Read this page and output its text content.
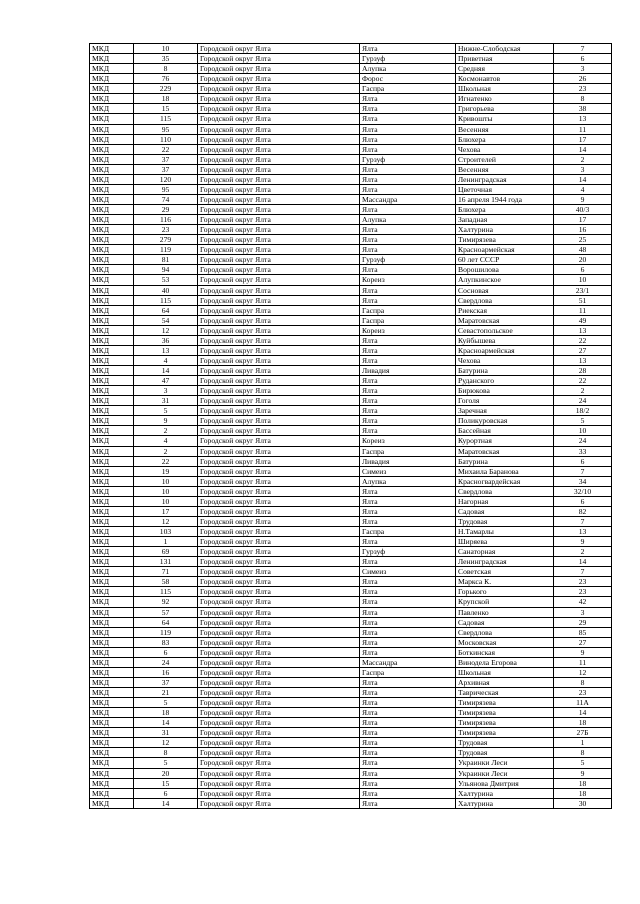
МКД	10	Городской округ Ялта	Ялта	Нижне-Слободская	7
МКД	35	Городской округ Ялта	Гурзуф	Приветная	6
МКД	8	Городской округ Ялта	Алупка	Средняя	3
МКД	76	Городской округ Ялта	Форос	Космонавтов	26
МКД	229	Городской округ Ялта	Гаспра	Школьная	23
МКД	18	Городской округ Ялта	Ялта	Игнатенко	8
МКД	15	Городской округ Ялта	Ялта	Григорьева	38
МКД	115	Городской округ Ялта	Ялта	Кривошты	13
МКД	95	Городской округ Ялта	Ялта	Весенняя	11
МКД	110	Городской округ Ялта	Ялта	Блюхера	17
МКД	22	Городской округ Ялта	Ялта	Чехова	14
МКД	37	Городской округ Ялта	Гурзуф	Строителей	2
МКД	37	Городской округ Ялта	Ялта	Весенняя	3
МКД	120	Городской округ Ялта	Ялта	Ленинградская	14
МКД	95	Городской округ Ялта	Ялта	Цветочная	4
МКД	74	Городской округ Ялта	Массандра	16 апреля 1944 года	9
МКД	29	Городской округ Ялта	Ялта	Блюхера	40/3
МКД	116	Городской округ Ялта	Алупка	Западная	17
МКД	23	Городской округ Ялта	Ялта	Халтурина	16
МКД	279	Городской округ Ялта	Ялта	Тимирязева	25
МКД	119	Городской округ Ялта	Ялта	Красноармейская	48
МКД	81	Городской округ Ялта	Гурзуф	60 лет СССР	20
МКД	94	Городской округ Ялта	Ялта	Ворошилова	6
МКД	53	Городской округ Ялта	Кореиз	Алупкинское	10
МКД	40	Городской округ Ялта	Ялта	Сосновая	23/1
МКД	115	Городской округ Ялта	Ялта	Свердлова	51
МКД	64	Городской округ Ялта	Гаспра	Риекская	11
МКД	54	Городской округ Ялта	Гаспра	Маратовская	49
МКД	12	Городской округ Ялта	Кореиз	Севастопольское	13
МКД	36	Городской округ Ялта	Ялта	Куйбышева	22
МКД	13	Городской округ Ялта	Ялта	Красноармейская	27
МКД	4	Городской округ Ялта	Ялта	Чехова	13
МКД	14	Городской округ Ялта	Ливадия	Батурина	28
МКД	47	Городской округ Ялта	Ялта	Руданского	22
МКД	3	Городской округ Ялта	Ялта	Бирюкова	2
МКД	31	Городской округ Ялта	Ялта	Гоголя	24
МКД	5	Городской округ Ялта	Ялта	Заречная	18/2
МКД	9	Городской округ Ялта	Ялта	Поликуровская	5
МКД	2	Городской округ Ялта	Ялта	Бассейная	10
МКД	4	Городской округ Ялта	Кореиз	Курортная	24
МКД	2	Городской округ Ялта	Гаспра	Маратовская	33
МКД	22	Городской округ Ялта	Ливадия	Батурина	6
МКД	19	Городской округ Ялта	Симеиз	Михаила Баранова	7
МКД	10	Городской округ Ялта	Алупка	Красногвардейская	34
МКД	10	Городской округ Ялта	Ялта	Свердлова	32/10
МКД	10	Городской округ Ялта	Ялта	Нагорная	6
МКД	17	Городской округ Ялта	Ялта	Садовая	82
МКД	12	Городской округ Ялта	Ялта	Трудовая	7
МКД	103	Городской округ Ялта	Гаспра	Н.Тамарлы	13
МКД	1	Городской округ Ялта	Ялта	Ширяева	9
МКД	69	Городской округ Ялта	Гурзуф	Санаторная	2
МКД	131	Городской округ Ялта	Ялта	Ленинградская	14
МКД	71	Городской округ Ялта	Симеиз	Советская	7
МКД	58	Городской округ Ялта	Ялта	Маркса К.	23
МКД	115	Городской округ Ялта	Ялта	Горького	23
МКД	92	Городской округ Ялта	Ялта	Крупской	42
МКД	57	Городской округ Ялта	Ялта	Павленко	3
МКД	64	Городской округ Ялта	Ялта	Садовая	29
МКД	119	Городской округ Ялта	Ялта	Свердлова	85
МКД	83	Городской округ Ялта	Ялта	Московская	27
МКД	6	Городской округ Ялта	Ялта	Боткинская	9
МКД	24	Городской округ Ялта	Массандра	Винодела Егорова	11
МКД	16	Городской округ Ялта	Гаспра	Школьная	12
МКД	37	Городской округ Ялта	Ялта	Архивная	8
МКД	21	Городской округ Ялта	Ялта	Таврическая	23
МКД	5	Городской округ Ялта	Ялта	Тимирязева	11А
МКД	18	Городской округ Ялта	Ялта	Тимирязева	14
МКД	14	Городской округ Ялта	Ялта	Тимирязева	18
МКД	31	Городской округ Ялта	Ялта	Тимирязева	27Б
МКД	12	Городской округ Ялта	Ялта	Трудовая	1
МКД	8	Городской округ Ялта	Ялта	Трудовая	8
МКД	5	Городской округ Ялта	Ялта	Украинки Леси	5
МКД	20	Городской округ Ялта	Ялта	Украинки Леси	9
МКД	15	Городской округ Ялта	Ялта	Ульянова Дмитрия	18
МКД	6	Городской округ Ялта	Ялта	Халтурина	18
МКД	14	Городской округ Ялта	Ялта	Халтурина	30
